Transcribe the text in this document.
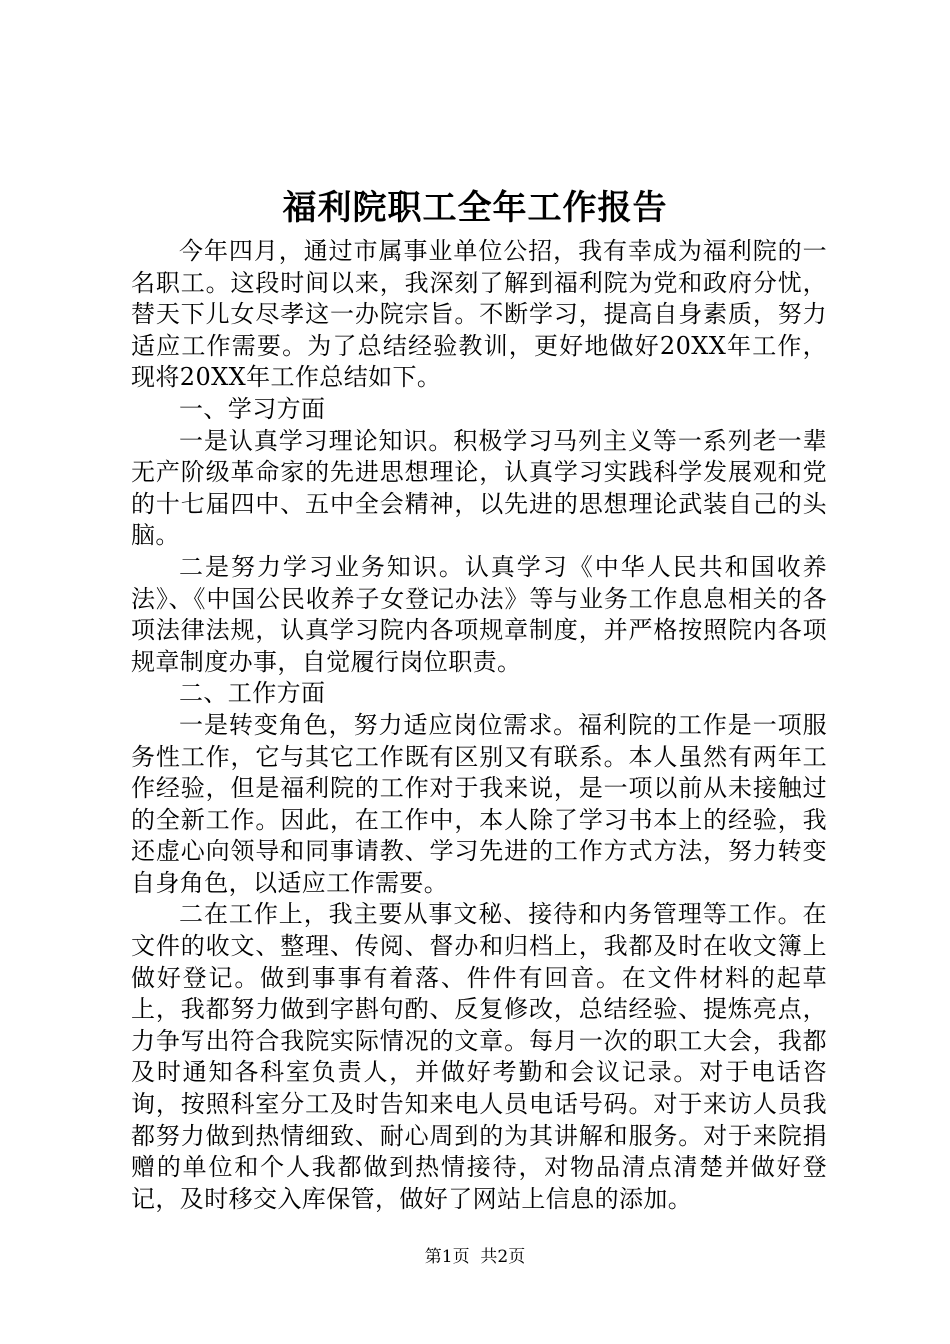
福利院职工全年工作报告

今年四月，通过市属事业单位公招，我有幸成为福利院的一名职工。这段时间以来，我深刻了解到福利院为党和政府分忧，替天下儿女尽孝这一办院宗旨。不断学习，提高自身素质，努力适应工作需要。为了总结经验教训，更好地做好20XX年工作，现将20XX年工作总结如下。

一、学习方面

一是认真学习理论知识。积极学习马列主义等一系列老一辈无产阶级革命家的先进思想理论，认真学习实践科学发展观和党的十七届四中、五中全会精神，以先进的思想理论武装自己的头脑。

二是努力学习业务知识。认真学习《中华人民共和国收养法》、《中国公民收养子女登记办法》等与业务工作息息相关的各项法律法规，认真学习院内各项规章制度，并严格按照院内各项规章制度办事，自觉履行岗位职责。

二、工作方面

一是转变角色，努力适应岗位需求。福利院的工作是一项服务性工作，它与其它工作既有区别又有联系。本人虽然有两年工作经验，但是福利院的工作对于我来说，是一项以前从未接触过的全新工作。因此，在工作中，本人除了学习书本上的经验，我还虚心向领导和同事请教、学习先进的工作方式方法，努力转变自身角色，以适应工作需要。

二在工作上，我主要从事文秘、接待和内务管理等工作。在文件的收文、整理、传阅、督办和归档上，我都及时在收文簿上做好登记。做到事事有着落、件件有回音。在文件材料的起草上，我都努力做到字斟句酌、反复修改，总结经验、提炼亮点，力争写出符合我院实际情况的文章。每月一次的职工大会，我都及时通知各科室负责人，并做好考勤和会议记录。对于电话咨询，按照科室分工及时告知来电人员电话号码。对于来访人员我都努力做到热情细致、耐心周到的为其讲解和服务。对于来院捐赠的单位和个人我都做到热情接待，对物品清点清楚并做好登记，及时移交入库保管，做好了网站上信息的添加。

第1页 共2页
